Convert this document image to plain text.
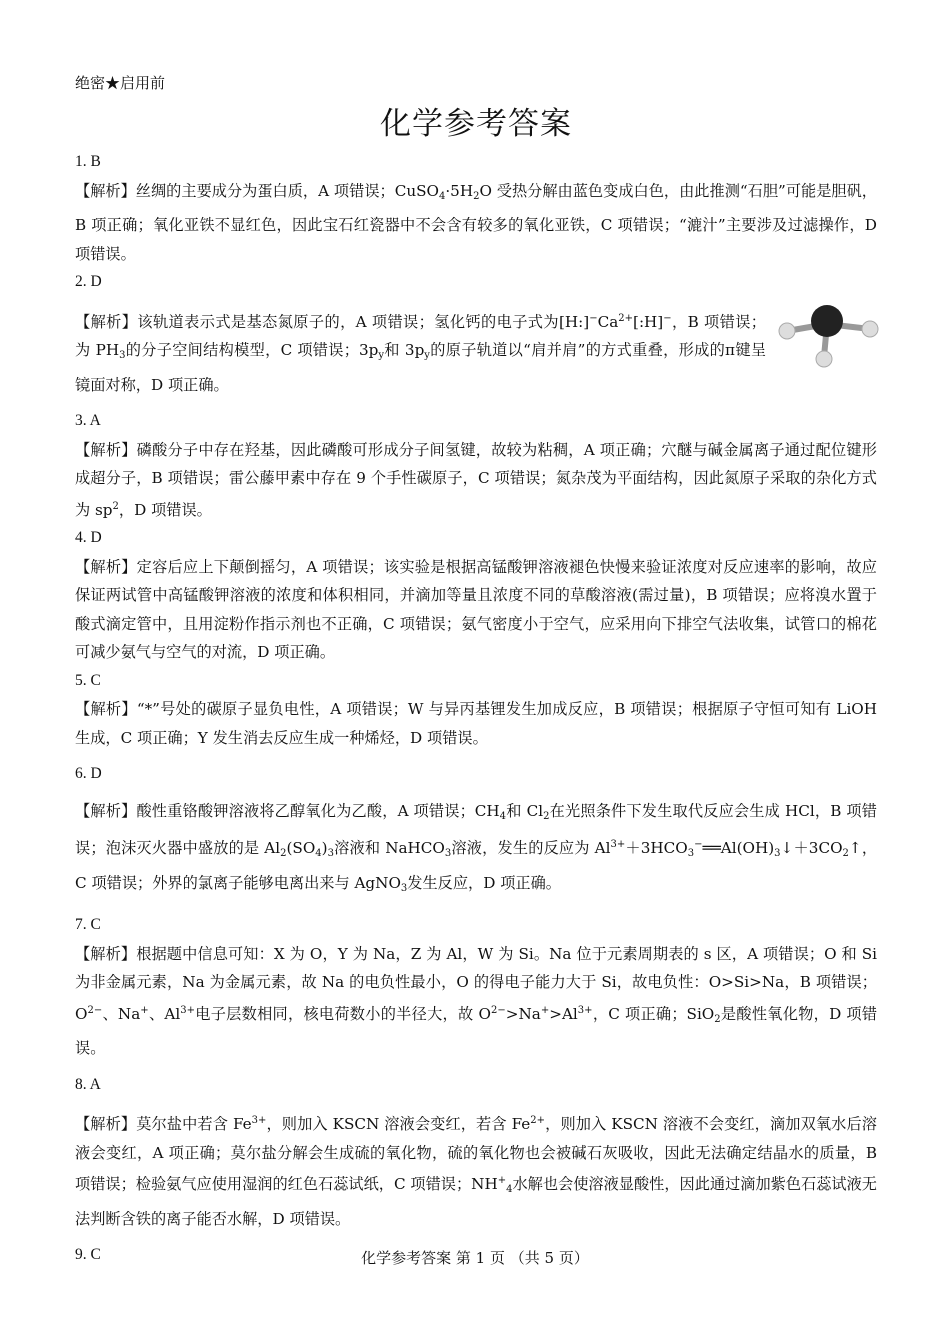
绝密★启用前
化学参考答案
1. B
【解析】丝绸的主要成分为蛋白质，A 项错误；$CuSO_4\cdot 5H_2O$ 受热分解由蓝色变成白色，由此推测“石胆”可能是胆矾，B 项正确；氧化亚铁不显红色，因此宝石红瓷器中不会含有较多的氧化亚铁，C 项错误；“漉汁”主要涉及过滤操作，D 项错误。
2. D
【解析】该轨道表示式是基态氮原子的，A 项错误；氢化钙的电子式为$[H:]^-Ca^{2+}[:H]^-$，B 项错误；为 $PH_3$的分子空间结构模型，C 项错误；$3p_y$和 $3p_y$的原子轨道以“肩并肩”的方式重叠，形成的π键呈镜面对称，D 项正确。
3. A
【解析】磷酸分子中存在羟基，因此磷酸可形成分子间氢键，故较为粘稠，A 项正确；穴醚与碱金属离子通过配位键形成超分子，B 项错误；雷公藤甲素中存在 9 个手性碳原子，C 项错误；氮杂茂为平面结构，因此氮原子采取的杂化方式为 $sp^2$，D 项错误。
4. D
【解析】定容后应上下颠倒摇匀，A 项错误；该实验是根据高锰酸钾溶液褪色快慢来验证浓度对反应速率的影响，故应保证两试管中高锰酸钾溶液的浓度和体积相同，并滴加等量且浓度不同的草酸溶液(需过量)，B 项错误；应将溴水置于酸式滴定管中，且用淀粉作指示剂也不正确，C 项错误；氨气密度小于空气，应采用向下排空气法收集，试管口的棉花可减少氨气与空气的对流，D 项正确。
5. C
【解析】“*”号处的碳原子显负电性，A 项错误；W 与异丙基锂发生加成反应，B 项错误；根据原子守恒可知有 LiOH 生成，C 项正确；Y 发生消去反应生成一种烯烃，D 项错误。
6. D
【解析】酸性重铬酸钾溶液将乙醇氧化为乙酸，A 项错误；$CH_4$和 $Cl_2$在光照条件下发生取代反应会生成 HCl，B 项错误；泡沫灭火器中盛放的是 $Al_2(SO_4)_3$溶液和 NaHCO$_3$溶液，发生的反应为 $Al^{3+}+3HCO_3^-══Al(OH)_3↓+3CO_2↑$，C 项错误；外界的氯离子能够电离出来与 AgNO$_3$发生反应，D 项正确。
7. C
【解析】根据题中信息可知：X 为 O，Y 为 Na，Z 为 Al，W 为 Si。Na 位于元素周期表的 s 区，A 项错误；O 和 Si 为非金属元素，Na 为金属元素，故 Na 的电负性最小，O 的得电子能力大于 Si，故电负性：O>Si>Na，B 项错误；$O^{2-}$、Na+、$Al^{3+}$电子层数相同，核电荷数小的半径大，故 $O^{2-}>Na^+>Al^{3+}$，C 项正确；SiO$_2$是酸性氧化物，D 项错误。
8. A
【解析】莫尔盐中若含 $Fe^{3+}$，则加入 KSCN 溶液会变红，若含 $Fe^{2+}$，则加入 KSCN 溶液不会变红，滴加双氧水后溶液会变红，A 项正确；莫尔盐分解会生成硫的氧化物，硫的氧化物也会被碱石灰吸收，因此无法确定结晶水的质量，B 项错误；检验氨气应使用湿润的红色石蕊试纸，C 项错误；$NH^+_4$水解也会使溶液显酸性，因此通过滴加紫色石蕊试液无法判断含铁的离子能否水解，D 项错误。
9. C	化学参考答案 第 1 页 （共 5 页）
